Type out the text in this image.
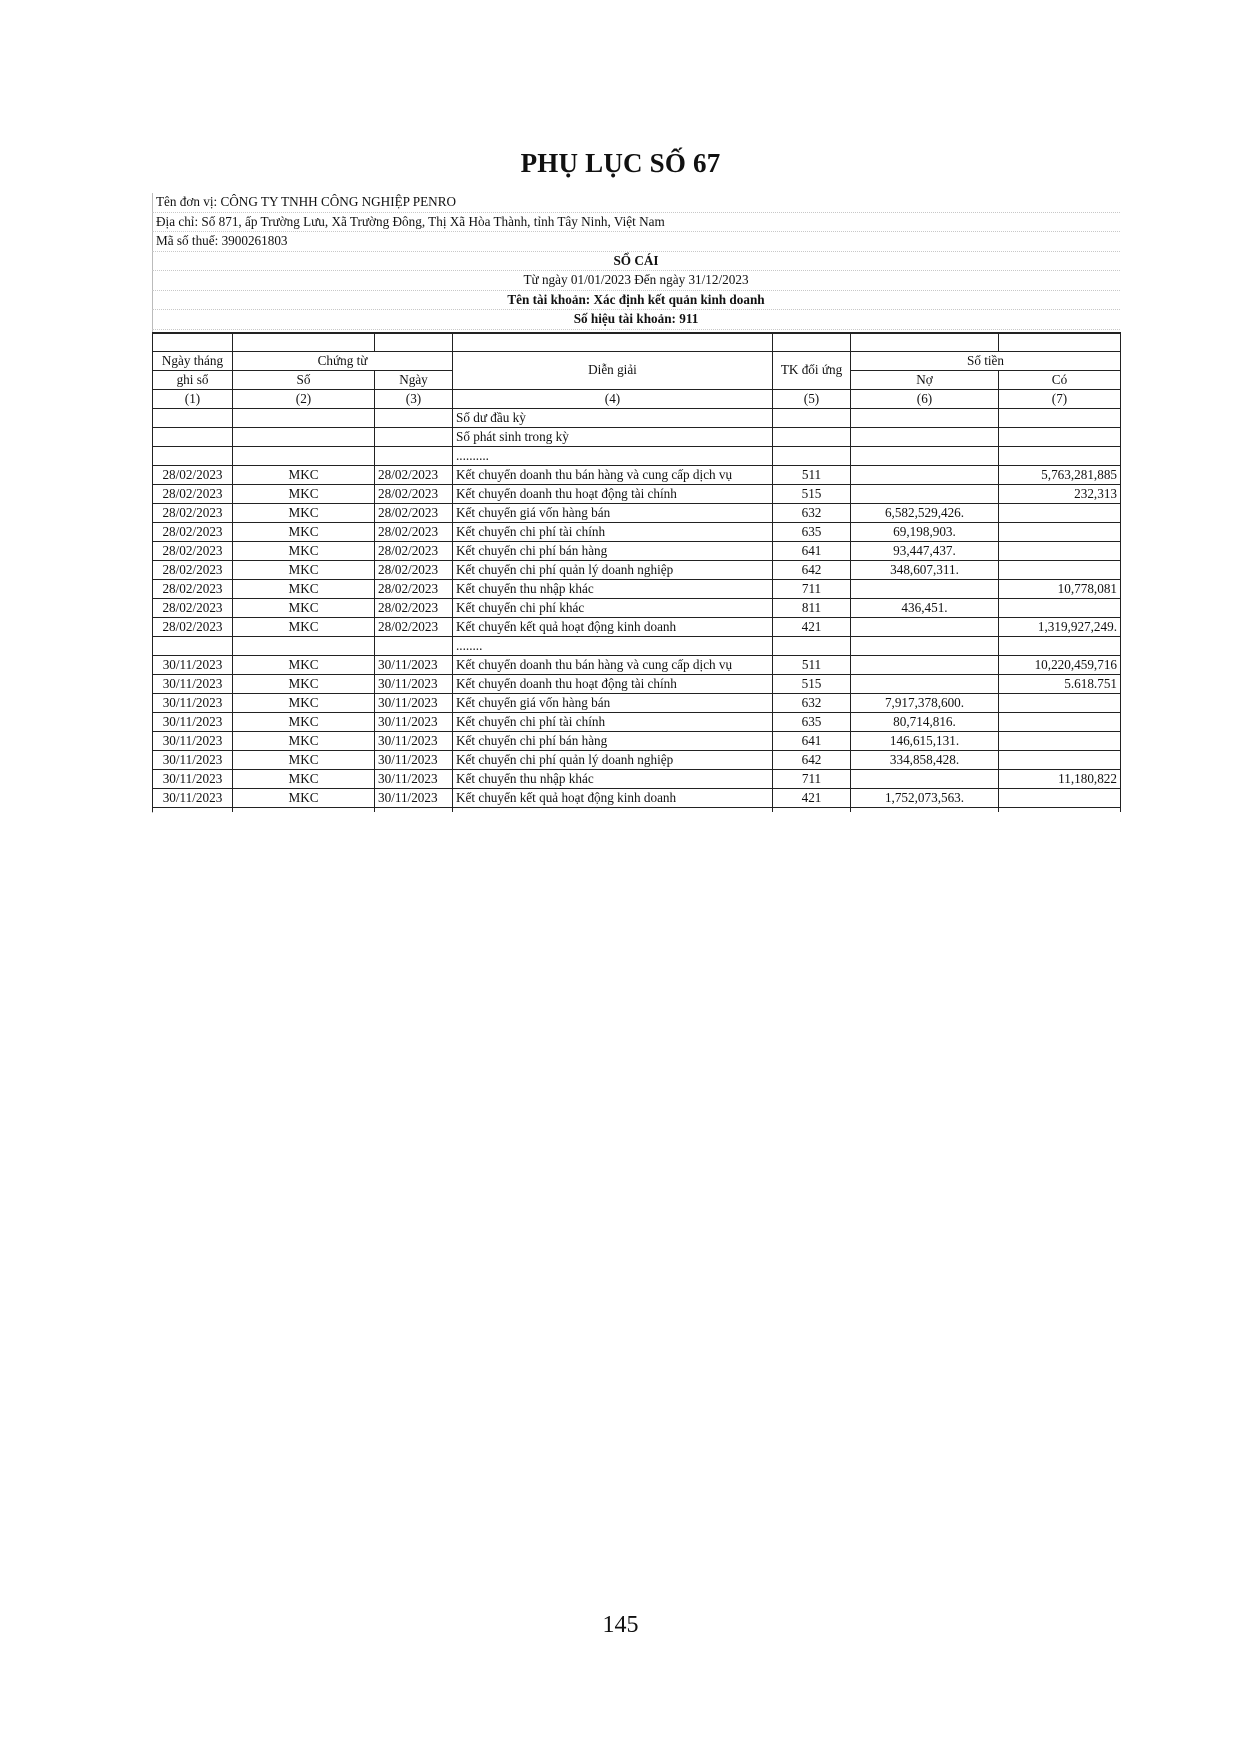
PHỤ LỤC SỐ 67
Tên đơn vị: CÔNG TY TNHH CÔNG NGHIỆP PENRO
Địa chỉ: Số 871, ấp Trường Lưu, Xã Trường Đông, Thị Xã Hòa Thành, tỉnh Tây Ninh, Việt Nam
Mã số thuế: 3900261803
SỔ CÁI
Từ ngày 01/01/2023 Đến ngày 31/12/2023
Tên tài khoản: Xác định kết quản kinh doanh
Số hiệu tài khoản: 911

Ngày tháng	Chứng từ		Diễn giải	TK đối ứng	Số tiền	
ghi sổ	Số	Ngày			Nợ	Có
(1)	(2)	(3)	(4)	(5)	(6)	(7)
			Số dư đầu kỳ			
			Số phát sinh trong kỳ			
			..........			
28/02/2023	MKC	28/02/2023	Kết chuyển doanh thu bán hàng và cung cấp dịch vụ	511		5,763,281,885
28/02/2023	MKC	28/02/2023	Kết chuyển doanh thu hoạt động tài chính	515		232,313
28/02/2023	MKC	28/02/2023	Kết chuyển giá vốn hàng bán	632	6,582,529,426.	
28/02/2023	MKC	28/02/2023	Kết chuyển chi phí tài chính	635	69,198,903.	
28/02/2023	MKC	28/02/2023	Kết chuyển chi phí bán hàng	641	93,447,437.	
28/02/2023	MKC	28/02/2023	Kết chuyển chi phí quản lý doanh nghiệp	642	348,607,311.	
28/02/2023	MKC	28/02/2023	Kết chuyển thu nhập khác	711		10,778,081
28/02/2023	MKC	28/02/2023	Kết chuyển chi phí khác	811	436,451.	
28/02/2023	MKC	28/02/2023	Kết chuyển kết quả hoạt động kinh doanh	421		1,319,927,249.
			........			
30/11/2023	MKC	30/11/2023	Kết chuyển doanh thu bán hàng và cung cấp dịch vụ	511		10,220,459,716
30/11/2023	MKC	30/11/2023	Kết chuyển doanh thu hoạt động tài chính	515		5.618.751
30/11/2023	MKC	30/11/2023	Kết chuyển giá vốn hàng bán	632	7,917,378,600.	
30/11/2023	MKC	30/11/2023	Kết chuyển chi phí tài chính	635	80,714,816.	
30/11/2023	MKC	30/11/2023	Kết chuyển chi phí bán hàng	641	146,615,131.	
30/11/2023	MKC	30/11/2023	Kết chuyển chi phí quản lý doanh nghiệp	642	334,858,428.	
30/11/2023	MKC	30/11/2023	Kết chuyển thu nhập khác	711		11,180,822
30/11/2023	MKC	30/11/2023	Kết chuyển kết quả hoạt động kinh doanh	421	1,752,073,563.	

145
